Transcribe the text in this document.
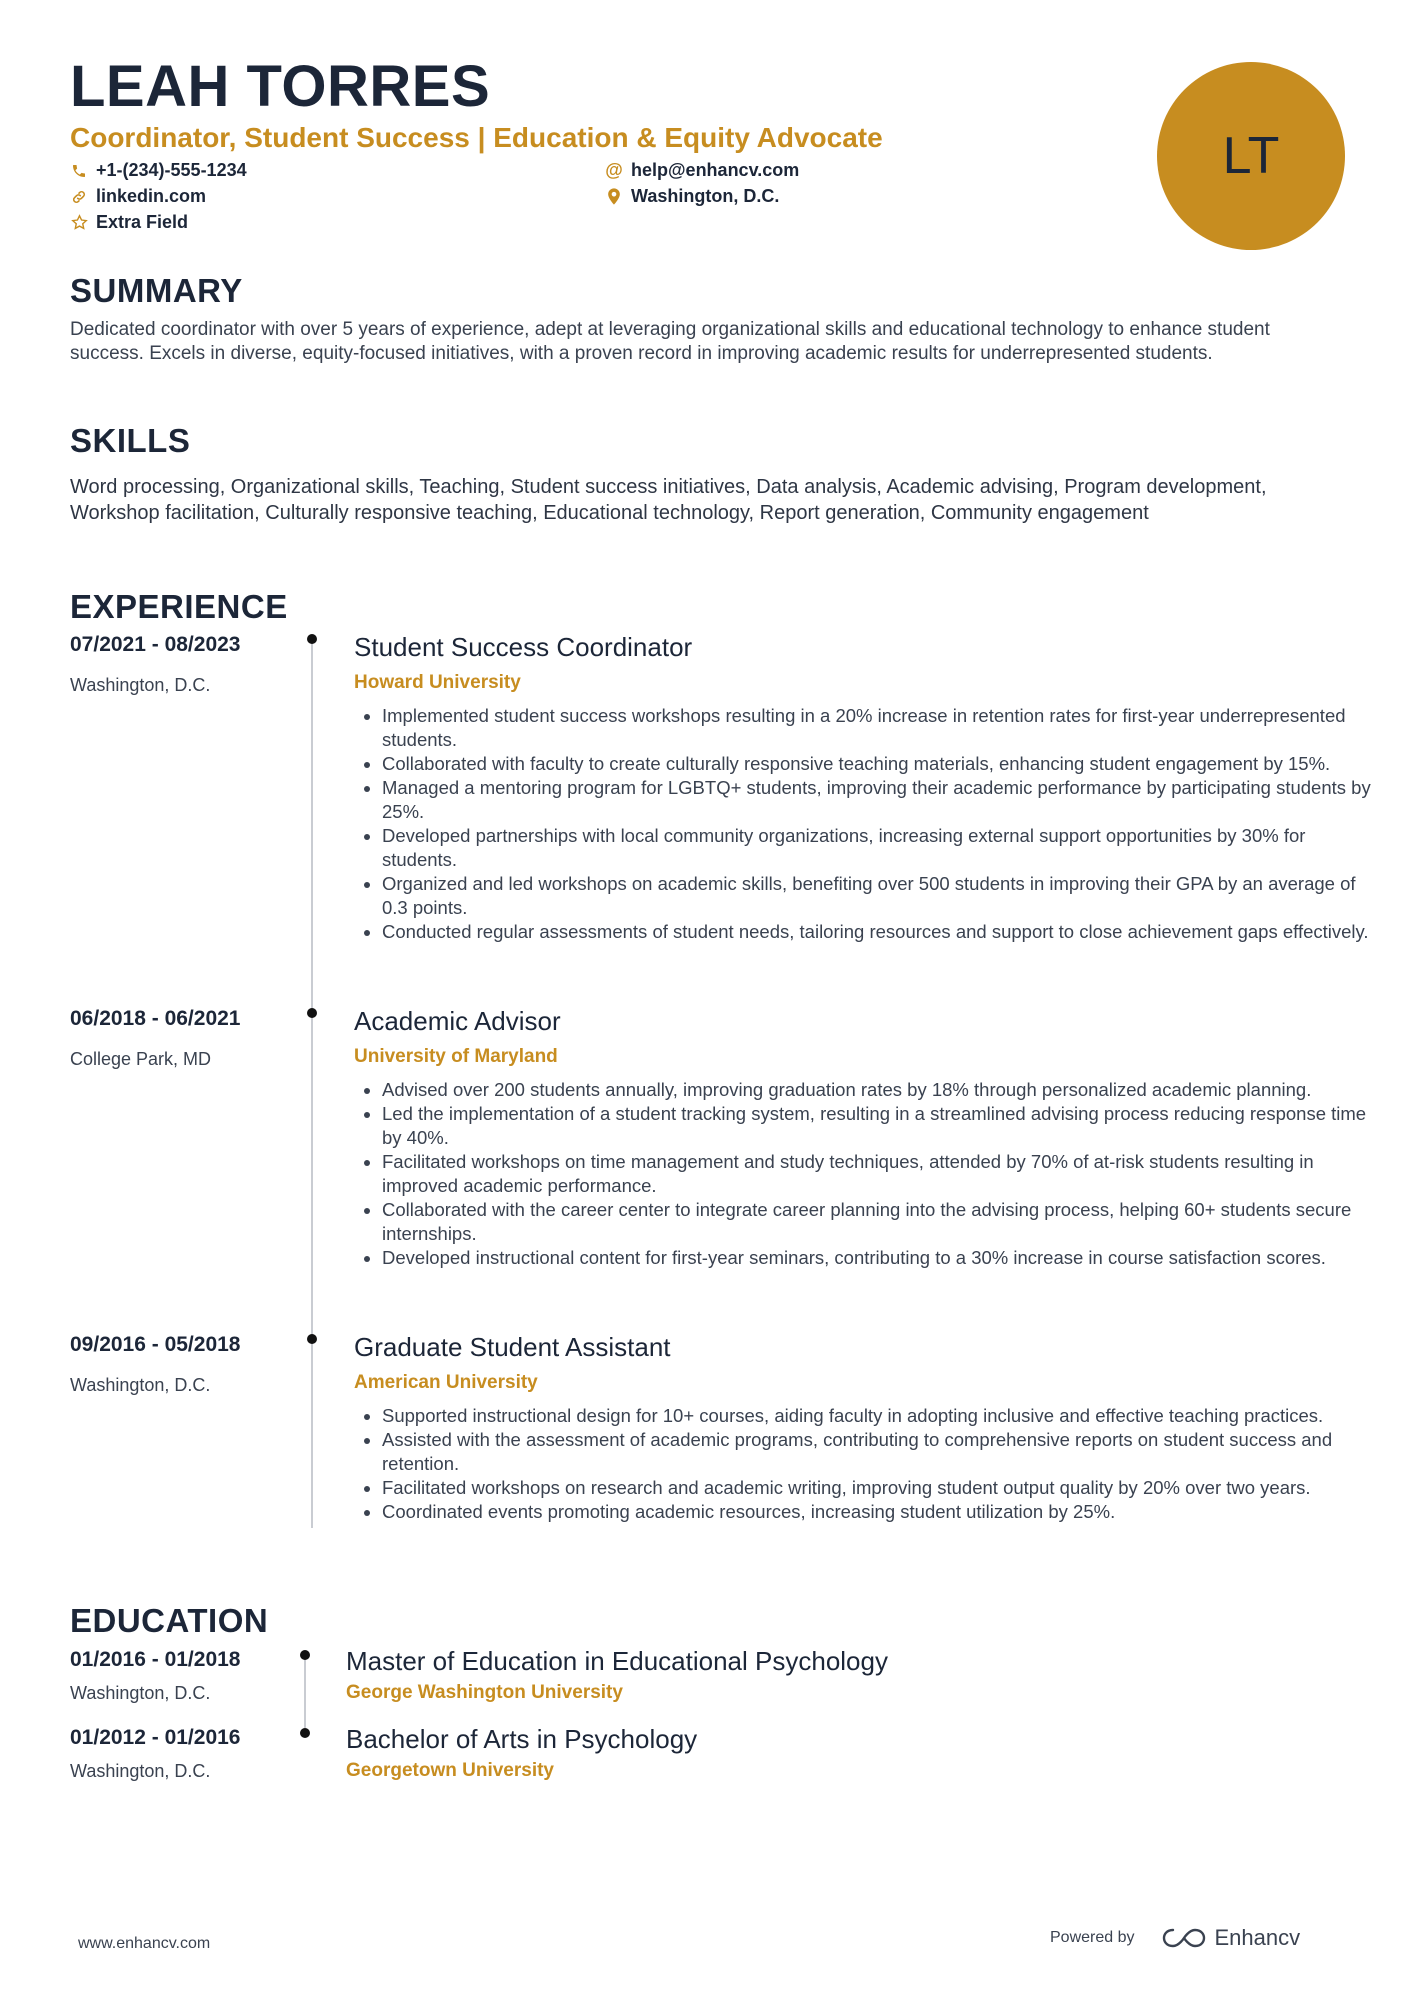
LEAH TORRES
Coordinator, Student Success | Education & Equity Advocate
+1-(234)-555-1234	@ help@enhancv.com
linkedin.com	Washington, D.C.
Extra Field
LT
SUMMARY

Dedicated coordinator with over 5 years of experience, adept at leveraging organizational skills and educational technology to enhance student success. Excels in diverse, equity-focused initiatives, with a proven record in improving academic results for underrepresented students.

SKILLS

Word processing, Organizational skills, Teaching, Student success initiatives, Data analysis, Academic advising, Program development, Workshop facilitation, Culturally responsive teaching, Educational technology, Report generation, Community engagement

EXPERIENCE
07/2021 - 08/2023
Washington, D.C.
Student Success Coordinator
Howard University
• Implemented student success workshops resulting in a 20% increase in retention rates for first-year underrepresented students.
• Collaborated with faculty to create culturally responsive teaching materials, enhancing student engagement by 15%.
• Managed a mentoring program for LGBTQ+ students, improving their academic performance by participating students by 25%.
• Developed partnerships with local community organizations, increasing external support opportunities by 30% for students.
• Organized and led workshops on academic skills, benefiting over 500 students in improving their GPA by an average of 0.3 points.
• Conducted regular assessments of student needs, tailoring resources and support to close achievement gaps effectively.
06/2018 - 06/2021
College Park, MD
Academic Advisor
University of Maryland
• Advised over 200 students annually, improving graduation rates by 18% through personalized academic planning.
• Led the implementation of a student tracking system, resulting in a streamlined advising process reducing response time by 40%.
• Facilitated workshops on time management and study techniques, attended by 70% of at-risk students resulting in improved academic performance.
• Collaborated with the career center to integrate career planning into the advising process, helping 60+ students secure internships.
• Developed instructional content for first-year seminars, contributing to a 30% increase in course satisfaction scores.
09/2016 - 05/2018
Washington, D.C.
Graduate Student Assistant
American University
• Supported instructional design for 10+ courses, aiding faculty in adopting inclusive and effective teaching practices.
• Assisted with the assessment of academic programs, contributing to comprehensive reports on student success and retention.
• Facilitated workshops on research and academic writing, improving student output quality by 20% over two years.
• Coordinated events promoting academic resources, increasing student utilization by 25%.
EDUCATION
01/2016 - 01/2018
Washington, D.C.
Master of Education in Educational Psychology
George Washington University
01/2012 - 01/2016
Washington, D.C.
Bachelor of Arts in Psychology
Georgetown University
www.enhancv.com	Powered by	Enhancv
